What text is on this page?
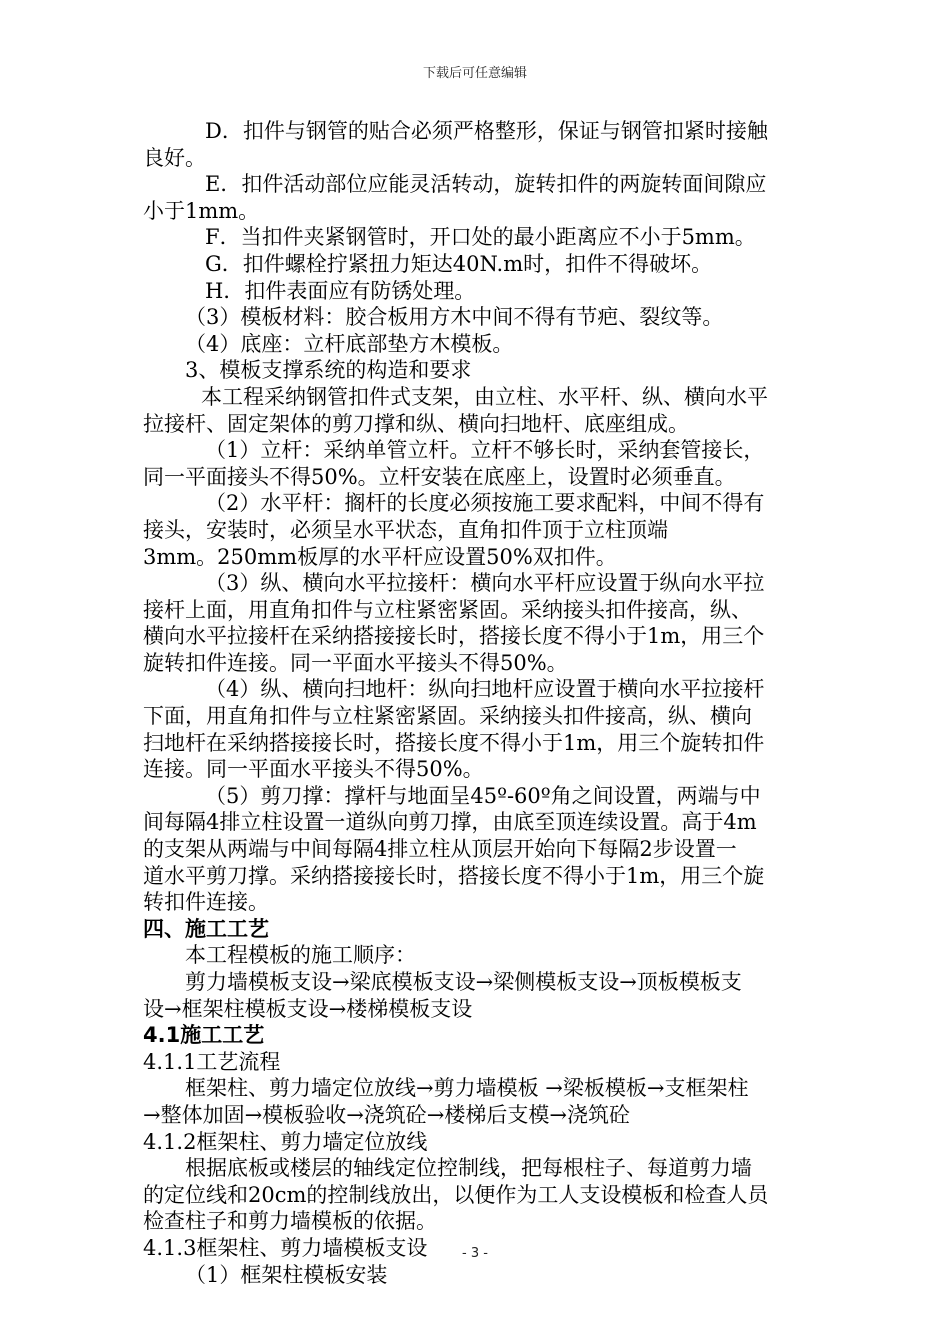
下载后可任意编辑
D．扣件与钢管的贴合必须严格整形，保证与钢管扣紧时接触
良好。
E．扣件活动部位应能灵活转动，旋转扣件的两旋转面间隙应
小于1mm。
F．当扣件夹紧钢管时，开口处的最小距离应不小于5mm。
G．扣件螺栓拧紧扭力矩达40N.m时，扣件不得破坏。
H．扣件表面应有防锈处理。
（3）模板材料：胶合板用方木中间不得有节疤、裂纹等。
（4）底座：立杆底部垫方木模板。
3、模板支撑系统的构造和要求
本工程采纳钢管扣件式支架，由立柱、水平杆、纵、横向水平
拉接杆、固定架体的剪刀撑和纵、横向扫地杆、底座组成。
（1）立杆：采纳单管立杆。立杆不够长时，采纳套管接长，
同一平面接头不得50%。立杆安装在底座上，设置时必须垂直。
（2）水平杆：搁杆的长度必须按施工要求配料，中间不得有
接头，安装时，必须呈水平状态，直角扣件顶于立柱顶端
3mm。250mm板厚的水平杆应设置50%双扣件。
（3）纵、横向水平拉接杆：横向水平杆应设置于纵向水平拉
接杆上面，用直角扣件与立柱紧密紧固。采纳接头扣件接高，纵、
横向水平拉接杆在采纳搭接接长时，搭接长度不得小于1m，用三个
旋转扣件连接。同一平面水平接头不得50%。
（4）纵、横向扫地杆：纵向扫地杆应设置于横向水平拉接杆
下面，用直角扣件与立柱紧密紧固。采纳接头扣件接高，纵、横向
扫地杆在采纳搭接接长时，搭接长度不得小于1m，用三个旋转扣件
连接。同一平面水平接头不得50%。
（5）剪刀撑：撑杆与地面呈45º-60º角之间设置，两端与中
间每隔4排立柱设置一道纵向剪刀撑，由底至顶连续设置。高于4m
的支架从两端与中间每隔4排立柱从顶层开始向下每隔2步设置一
道水平剪刀撑。采纳搭接接长时，搭接长度不得小于1m，用三个旋
转扣件连接。
四、施工工艺
本工程模板的施工顺序：
剪力墙模板支设→梁底模板支设→梁侧模板支设→顶板模板支
设→框架柱模板支设→楼梯模板支设
4.1施工工艺
4.1.1工艺流程
框架柱、剪力墙定位放线→剪力墙模板 →梁板模板→支框架柱
→整体加固→模板验收→浇筑砼→楼梯后支模→浇筑砼
4.1.2框架柱、剪力墙定位放线
根据底板或楼层的轴线定位控制线，把每根柱子、每道剪力墙
的定位线和20cm的控制线放出，以便作为工人支设模板和检查人员
检查柱子和剪力墙模板的依据。
4.1.3框架柱、剪力墙模板支设
（1）框架柱模板安装
- 3 -
